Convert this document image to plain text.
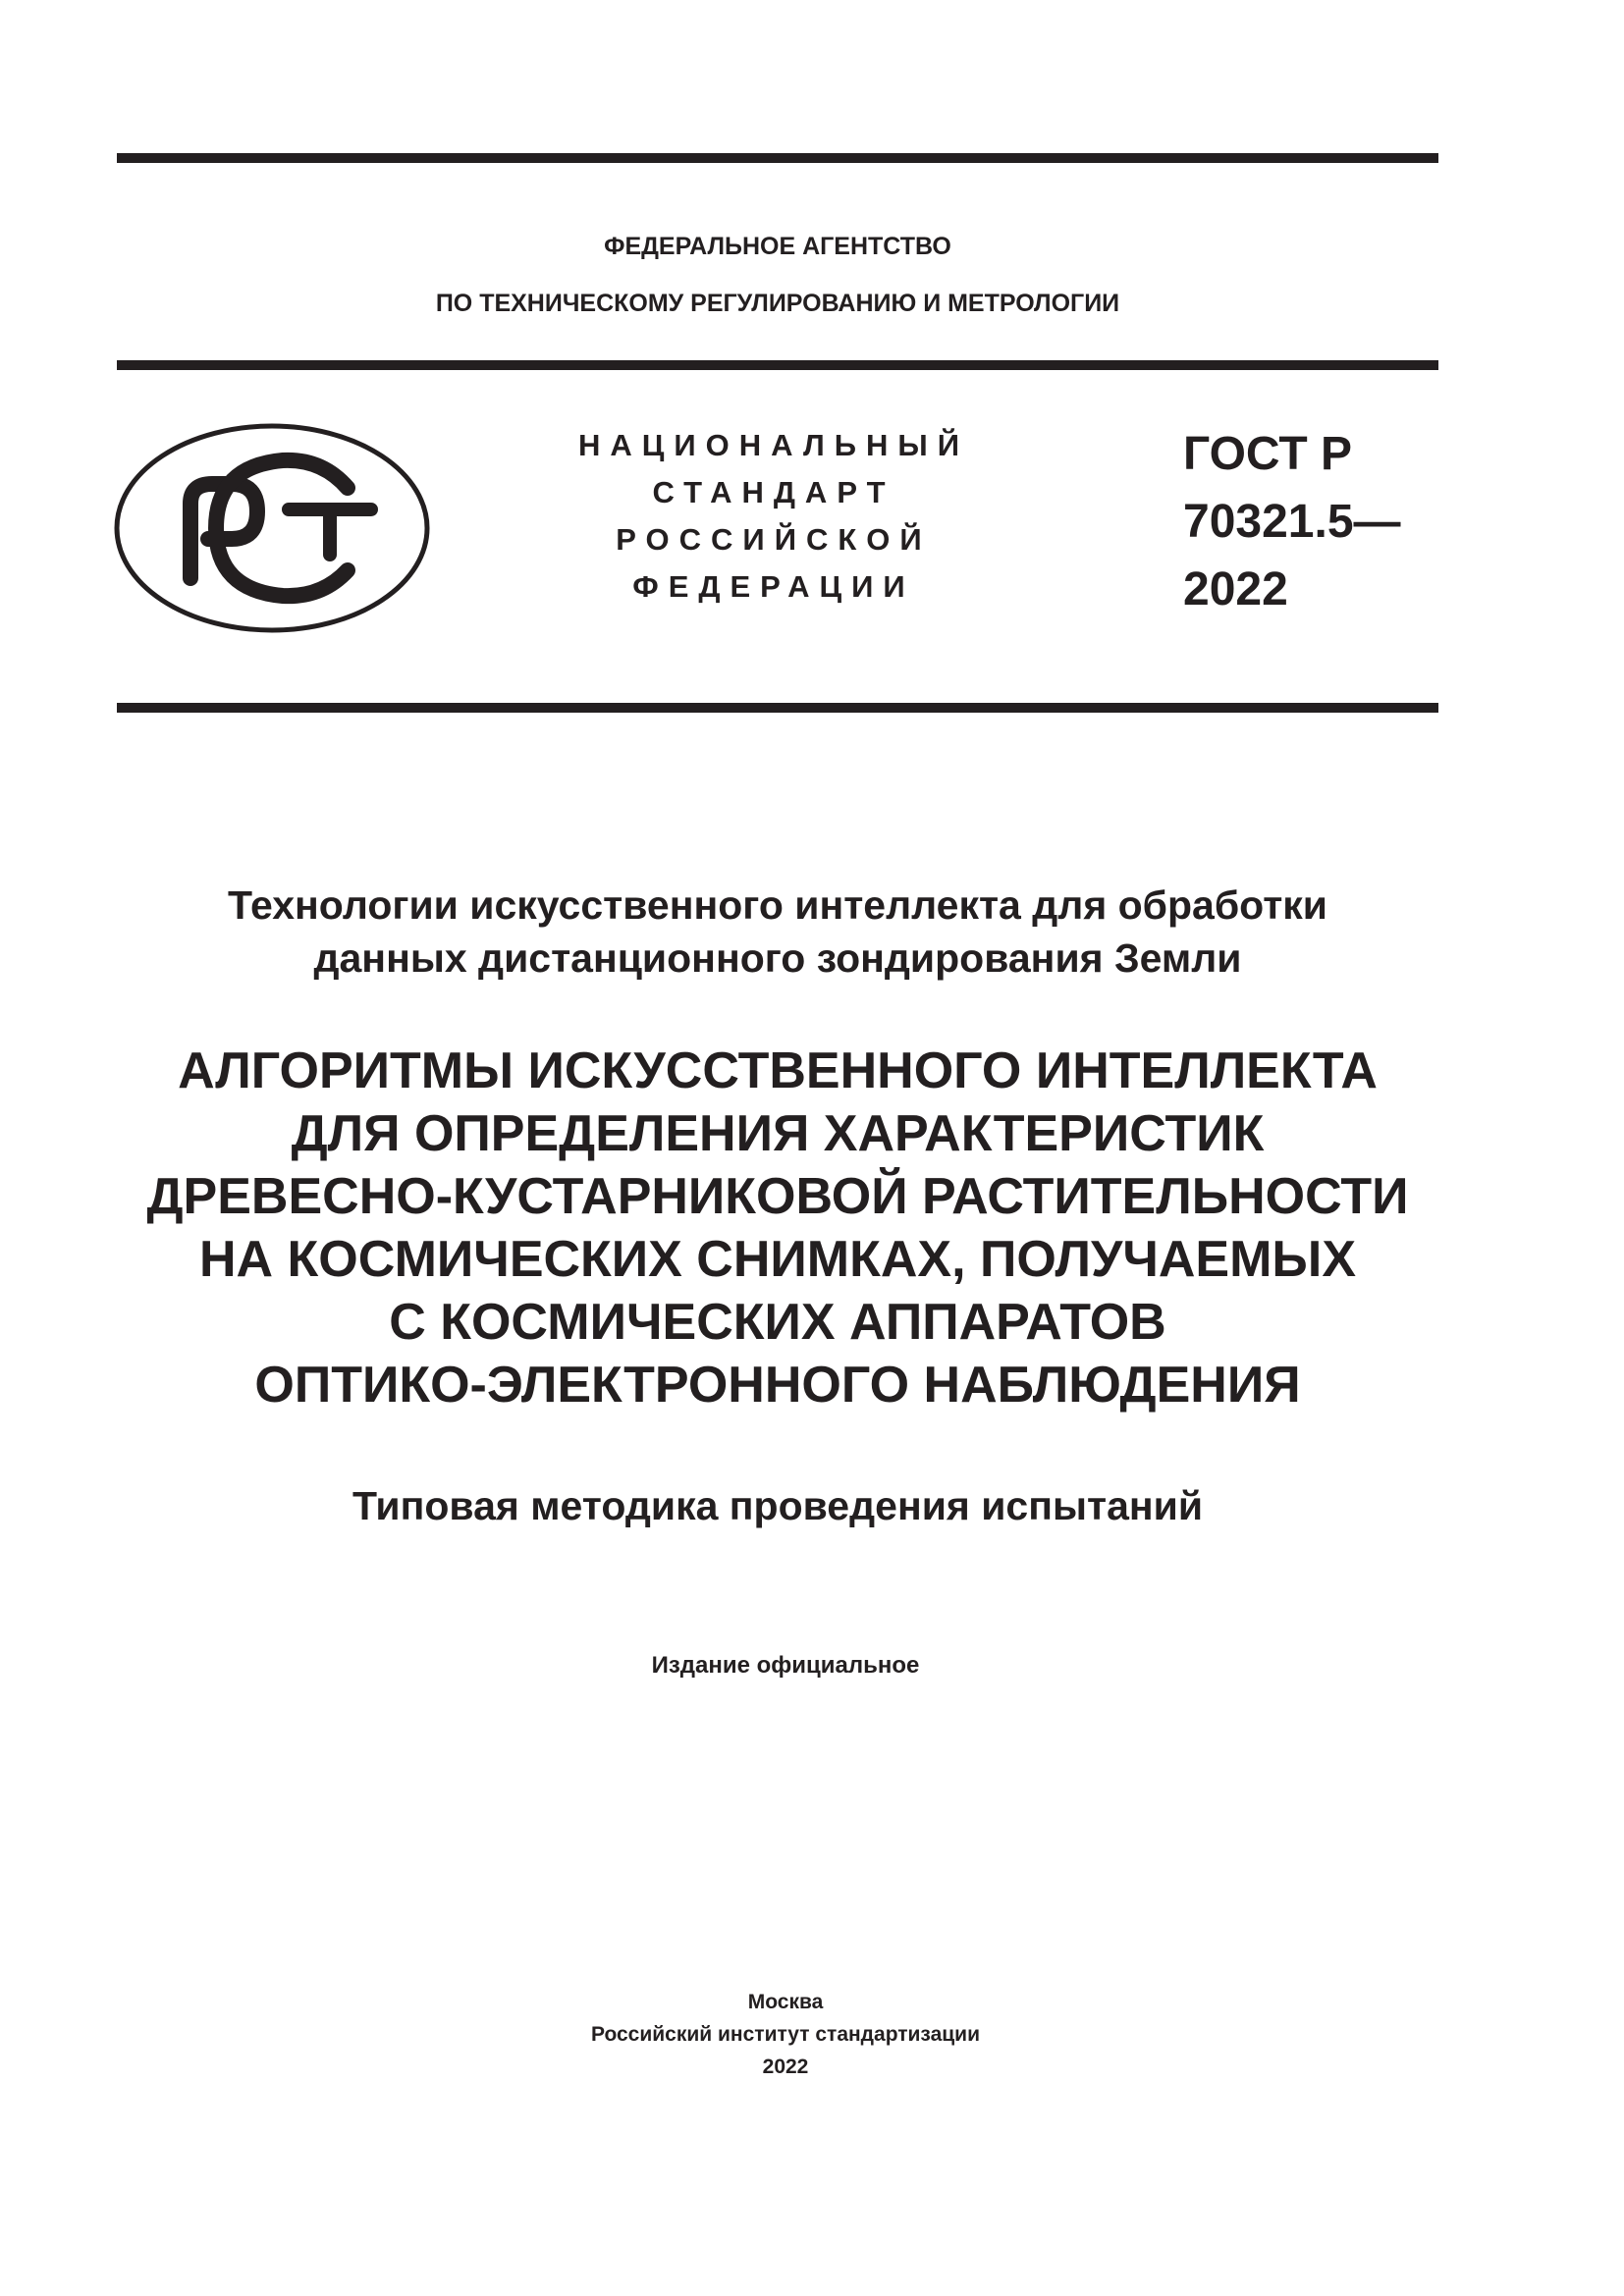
ФЕДЕРАЛЬНОЕ АГЕНТСТВО
ПО ТЕХНИЧЕСКОМУ РЕГУЛИРОВАНИЮ И МЕТРОЛОГИИ
НАЦИОНАЛЬНЫЙ
СТАНДАРТ
РОССИЙСКОЙ
ФЕДЕРАЦИИ
ГОСТ Р
70321.5—
2022
Технологии искусственного интеллекта для обработки
данных дистанционного зондирования Земли
АЛГОРИТМЫ ИСКУССТВЕННОГО ИНТЕЛЛЕКТА
ДЛЯ ОПРЕДЕЛЕНИЯ ХАРАКТЕРИСТИК
ДРЕВЕСНО-КУСТАРНИКОВОЙ РАСТИТЕЛЬНОСТИ
НА КОСМИЧЕСКИХ СНИМКАХ, ПОЛУЧАЕМЫХ
С КОСМИЧЕСКИХ АППАРАТОВ
ОПТИКО-ЭЛЕКТРОННОГО НАБЛЮДЕНИЯ
Типовая методика проведения испытаний
Издание официальное
Москва
Российский институт стандартизации
2022
